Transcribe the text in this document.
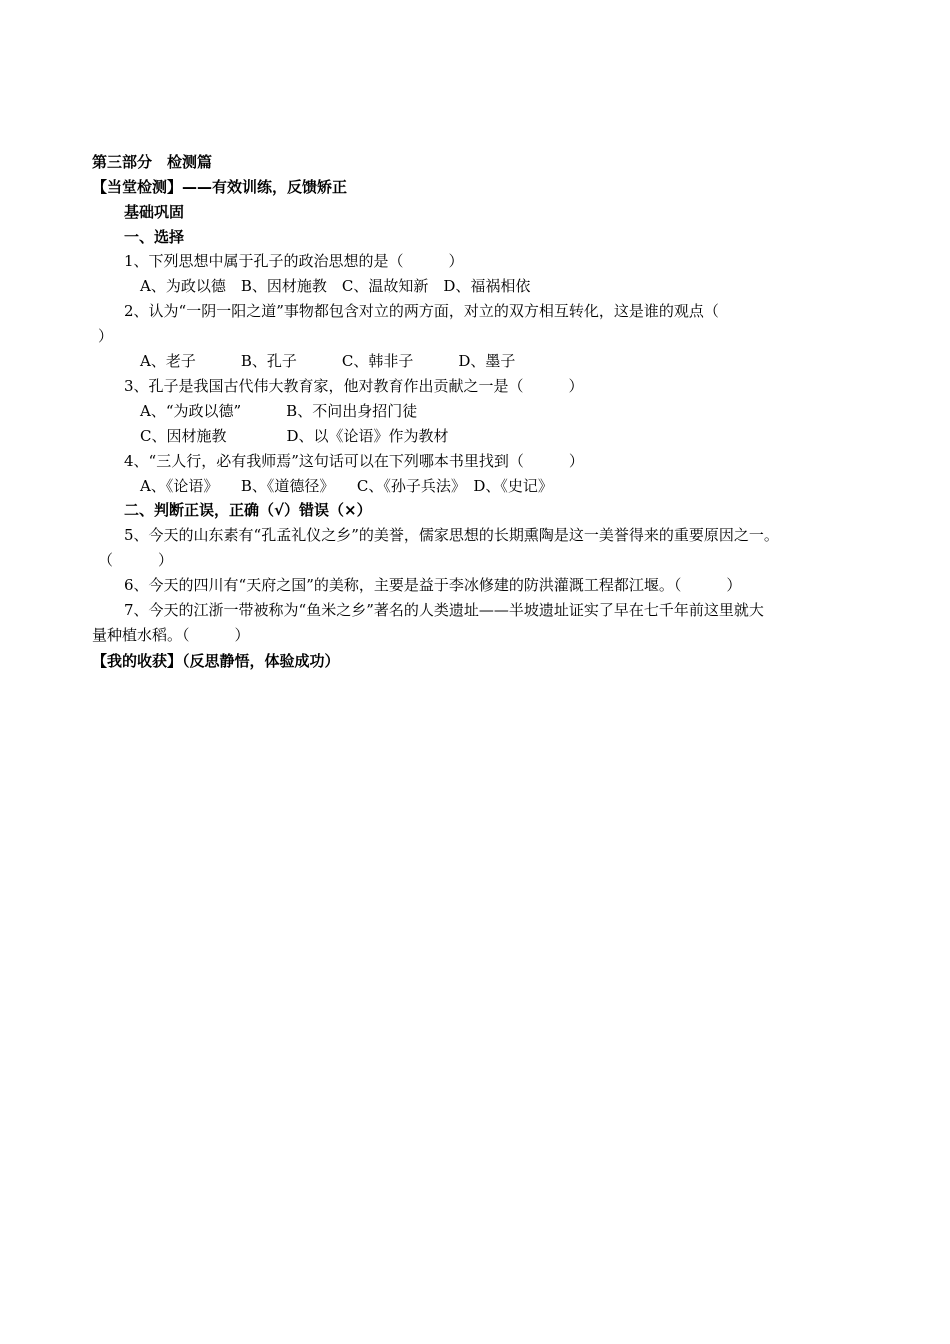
第三部分　检测篇
【当堂检测】——有效训练，反馈矫正
基础巩固
一、选择
1、下列思想中属于孔子的政治思想的是（　　　）
A、为政以德　B、因材施教　C、温故知新　D、福祸相依
2、认为“一阴一阳之道”事物都包含对立的两方面，对立的双方相互转化，这是谁的观点（
）
A、老子　　　B、孔子　　　C、韩非子　　　D、墨子
3、孔子是我国古代伟大教育家，他对教育作出贡献之一是（　　　）
A、“为政以德”　　　B、不问出身招门徒
C、因材施教　　　　D、以《论语》作为教材
4、“三人行，必有我师焉”这句话可以在下列哪本书里找到（　　　）
A、《论语》　　B、《道德径》　　C、《孙子兵法》　D、《史记》
二、判断正误，正确（√）错误（×）
5、今天的山东素有“孔孟礼仪之乡”的美誉，儒家思想的长期熏陶是这一美誉得来的重要原因之一。
（　　　）
6、今天的四川有“天府之国”的美称，主要是益于李冰修建的防洪灌溉工程都江堰。（　　　）
7、今天的江浙一带被称为“鱼米之乡”著名的人类遗址——半坡遗址证实了早在七千年前这里就大
量种植水稻。（　　　）
【我的收获】（反思静悟，体验成功）
